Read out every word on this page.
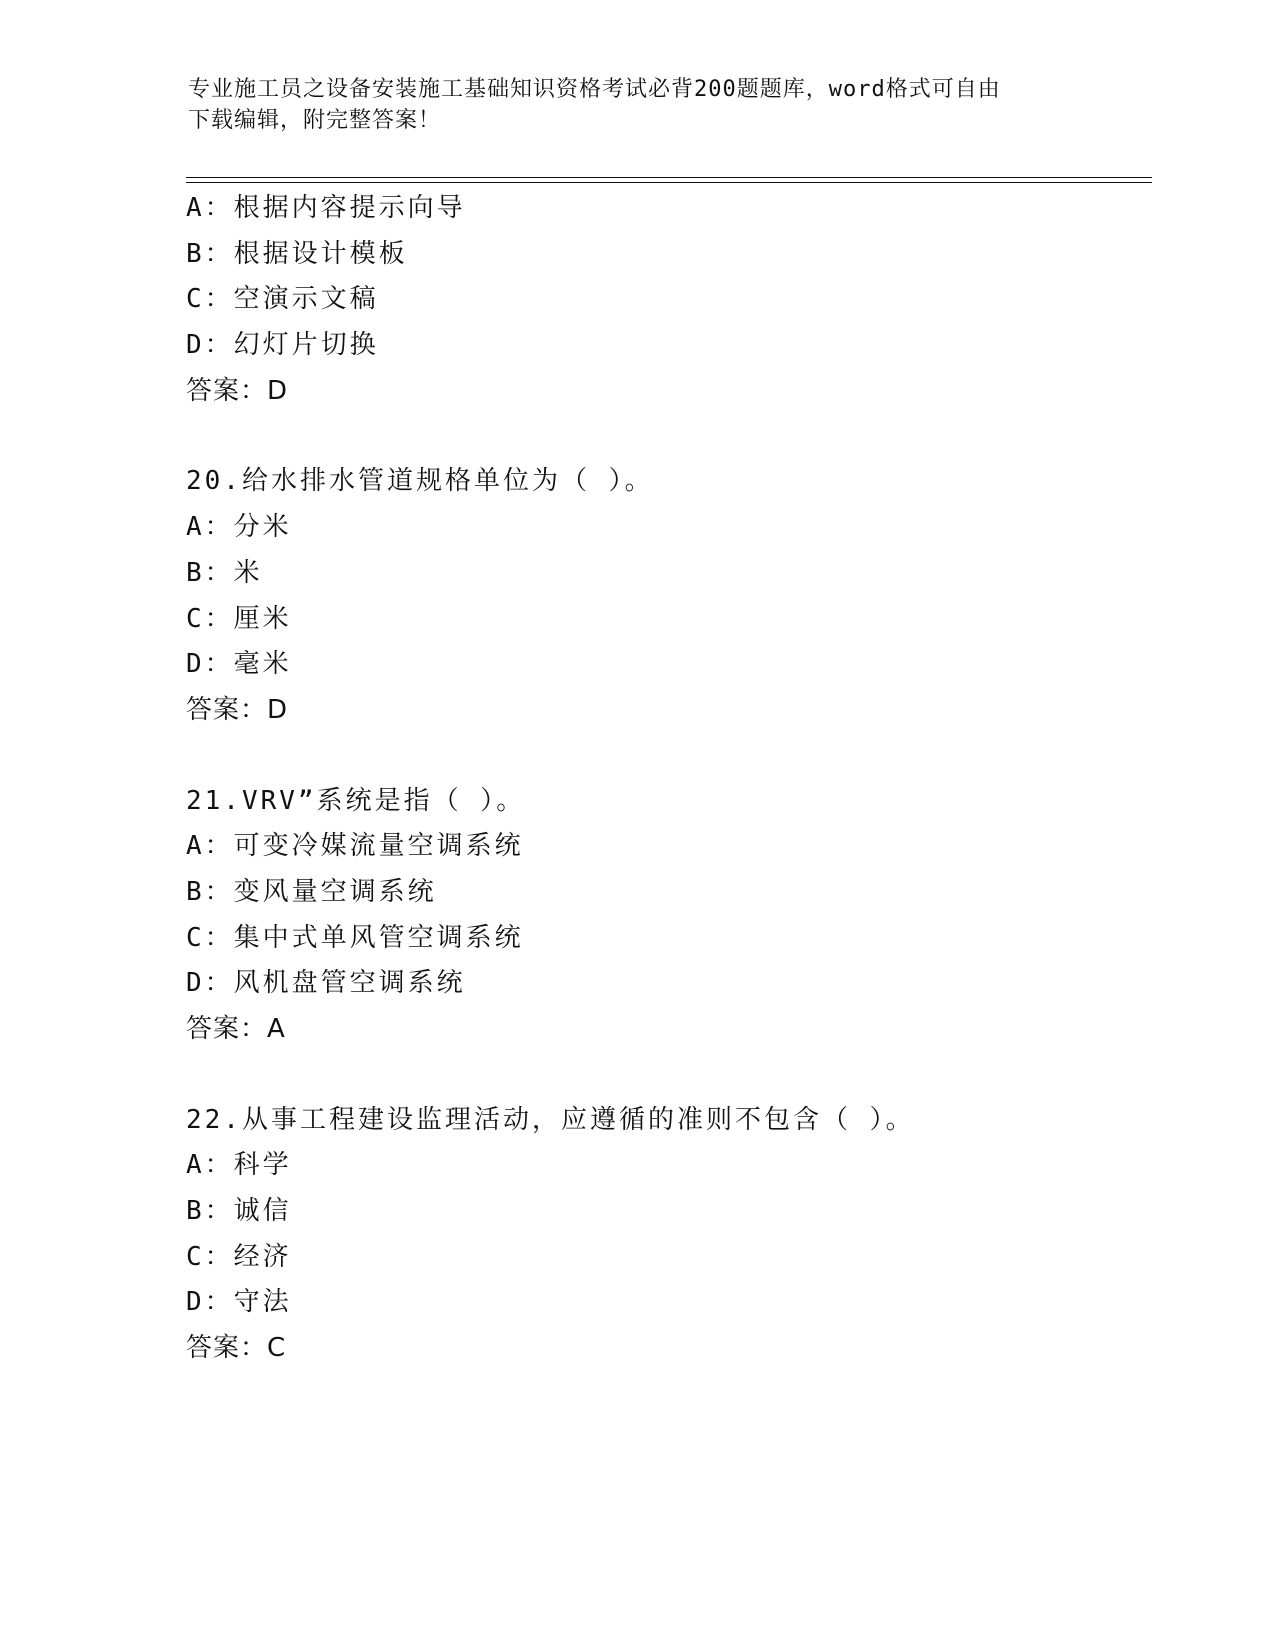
专业施工员之设备安装施工基础知识资格考试必背200题题库，word格式可自由
下载编辑，附完整答案！
A：根据内容提示向导
B：根据设计模板
C：空演示文稿
D：幻灯片切换
答案：D
20.给水排水管道规格单位为（ ）。
A：分米
B：米
C：厘米
D：毫米
答案：D
21.VRV”系统是指（ ）。
A：可变冷媒流量空调系统
B：变风量空调系统
C：集中式单风管空调系统
D：风机盘管空调系统
答案：A
22.从事工程建设监理活动，应遵循的准则不包含（ ）。
A：科学
B：诚信
C：经济
D：守法
答案：C
